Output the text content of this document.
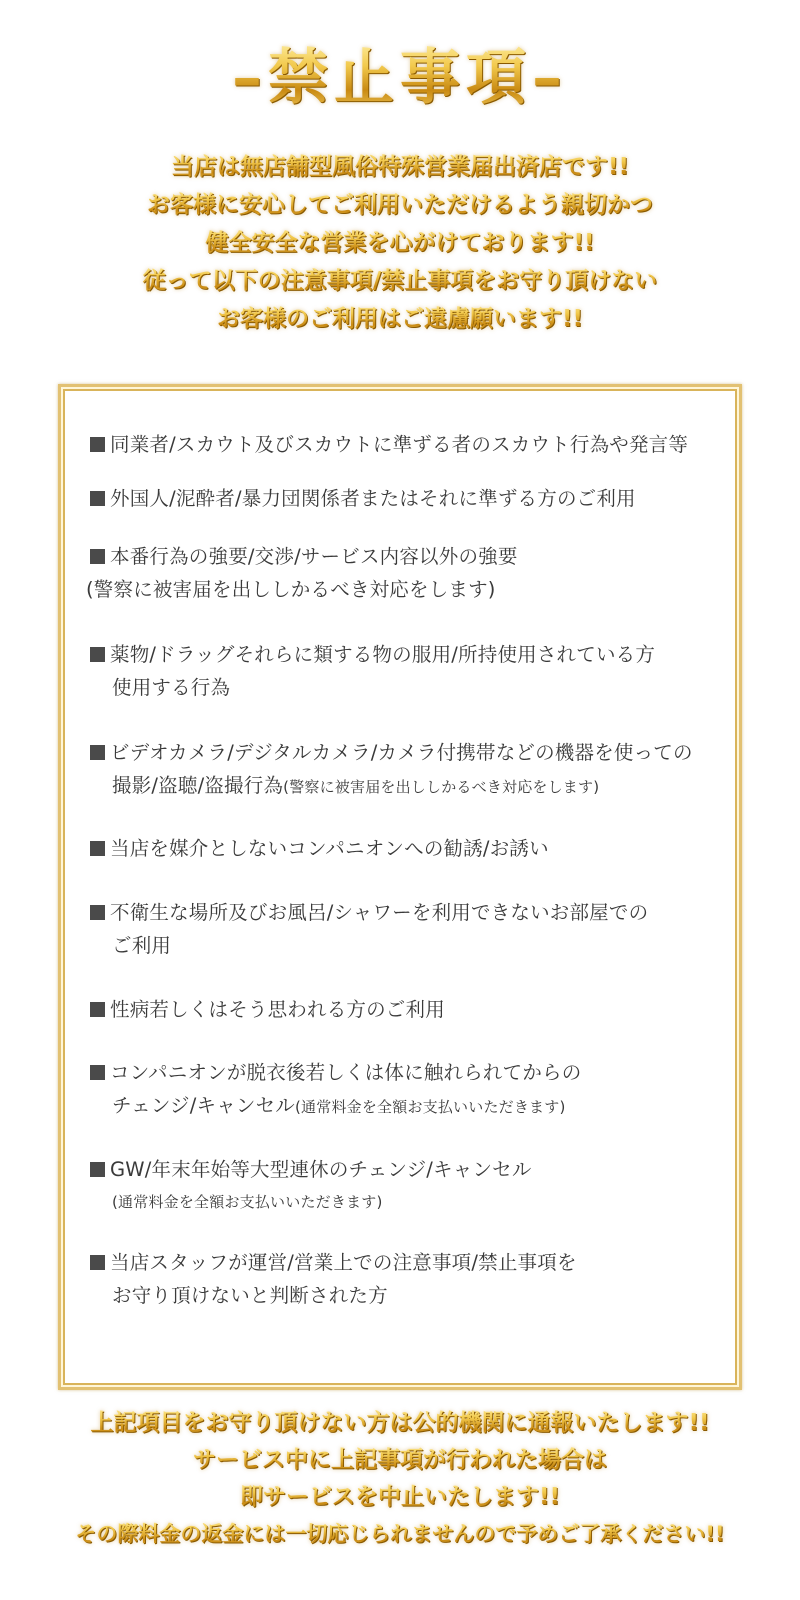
–禁止事項–
当店は無店舗型風俗特殊営業届出済店です!!
お客様に安心してご利用いただけるよう親切かつ
健全安全な営業を心がけております!!
従って以下の注意事項/禁止事項をお守り頂けない
お客様のご利用はご遠慮願います!!

同業者/スカウト及びスカウトに準ずる者のスカウト行為や発言等

外国人/泥酔者/暴力団関係者またはそれに準ずる方のご利用

本番行為の強要/交渉/サービス内容以外の強要
(警察に被害届を出ししかるべき対応をします)

薬物/ドラッグそれらに類する物の服用/所持使用されている方
使用する行為

ビデオカメラ/デジタルカメラ/カメラ付携帯などの機器を使っての
撮影/盗聴/盗撮行為(警察に被害届を出ししかるべき対応をします)

当店を媒介としないコンパニオンへの勧誘/お誘い

不衛生な場所及びお風呂/シャワーを利用できないお部屋での
ご利用

性病若しくはそう思われる方のご利用

コンパニオンが脱衣後若しくは体に触れられてからの
チェンジ/キャンセル(通常料金を全額お支払いいただきます)

GW/年末年始等大型連休のチェンジ/キャンセル
(通常料金を全額お支払いいただきます)

当店スタッフが運営/営業上での注意事項/禁止事項を
お守り頂けないと判断された方

上記項目をお守り頂けない方は公的機関に通報いたします!!
サービス中に上記事項が行われた場合は
即サービスを中止いたします!!
その際料金の返金には一切応じられませんので予めご了承ください!!
